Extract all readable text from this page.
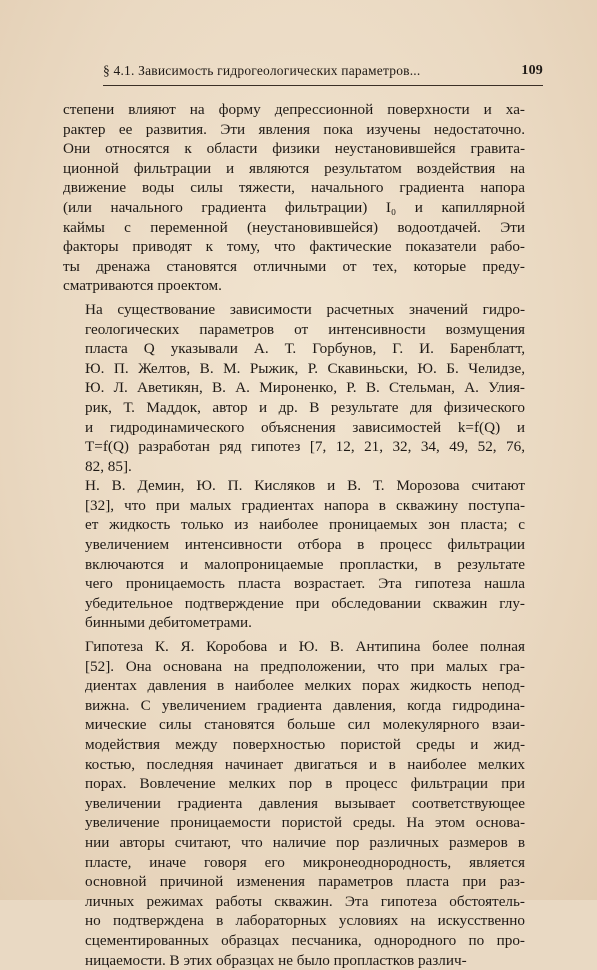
§ 4.1. Зависимость гидрогеологических параметров...	109

степени влияют на форму депрессионной поверхности и ха-
рактер ее развития. Эти явления пока изучены недостаточно.
Они относятся к области физики неустановившейся гравита-
ционной фильтрации и являются результатом воздействия на
движение воды силы тяжести, начального градиента напора
(или начального градиента фильтрации) I₀ и капиллярной
каймы с переменной (неустановившейся) водоотдачей. Эти
факторы приводят к тому, что фактические показатели рабо-
ты дренажа становятся отличными от тех, которые преду-
сматриваются проектом.

На существование зависимости расчетных значений гидро-
геологических параметров от интенсивности возмущения
пласта Q указывали А. Т. Горбунов, Г. И. Баренблатт,
Ю. П. Желтов, В. М. Рыжик, Р. Скавиньски, Ю. Б. Челидзе,
Ю. Л. Аветикян, В. А. Мироненко, Р. В. Стельман, А. Улия-
рик, Т. Маддок, автор и др. В результате для физического
и гидродинамического объяснения зависимостей k=f(Q) и
T=f(Q) разработан ряд гипотез [7, 12, 21, 32, 34, 49, 52, 76,
82, 85].

Н. В. Демин, Ю. П. Кисляков и В. Т. Морозова считают
[32], что при малых градиентах напора в скважину поступа-
ет жидкость только из наиболее проницаемых зон пласта; с
увеличением интенсивности отбора в процесс фильтрации
включаются и малопроницаемые пропластки, в результате
чего проницаемость пласта возрастает. Эта гипотеза нашла
убедительное подтверждение при обследовании скважин глу-
бинными дебитометрами.

Гипотеза К. Я. Коробова и Ю. В. Антипина более полная
[52]. Она основана на предположении, что при малых гра-
диентах давления в наиболее мелких порах жидкость непод-
вижна. С увеличением градиента давления, когда гидродина-
мические силы становятся больше сил молекулярного взаи-
модействия между поверхностью пористой среды и жид-
костью, последняя начинает двигаться и в наиболее мелких
порах. Вовлечение мелких пор в процесс фильтрации при
увеличении градиента давления вызывает соответствующее
увеличение проницаемости пористой среды. На этом основа-
нии авторы считают, что наличие пор различных размеров в
пласте, иначе говоря его микронеоднородность, является
основной причиной изменения параметров пласта при раз-
личных режимах работы скважин. Эта гипотеза обстоятель-
но подтверждена в лабораторных условиях на искусственно
сцементированных образцах песчаника, однородного по про-
ницаемости. В этих образцах не было пропластков различ-
